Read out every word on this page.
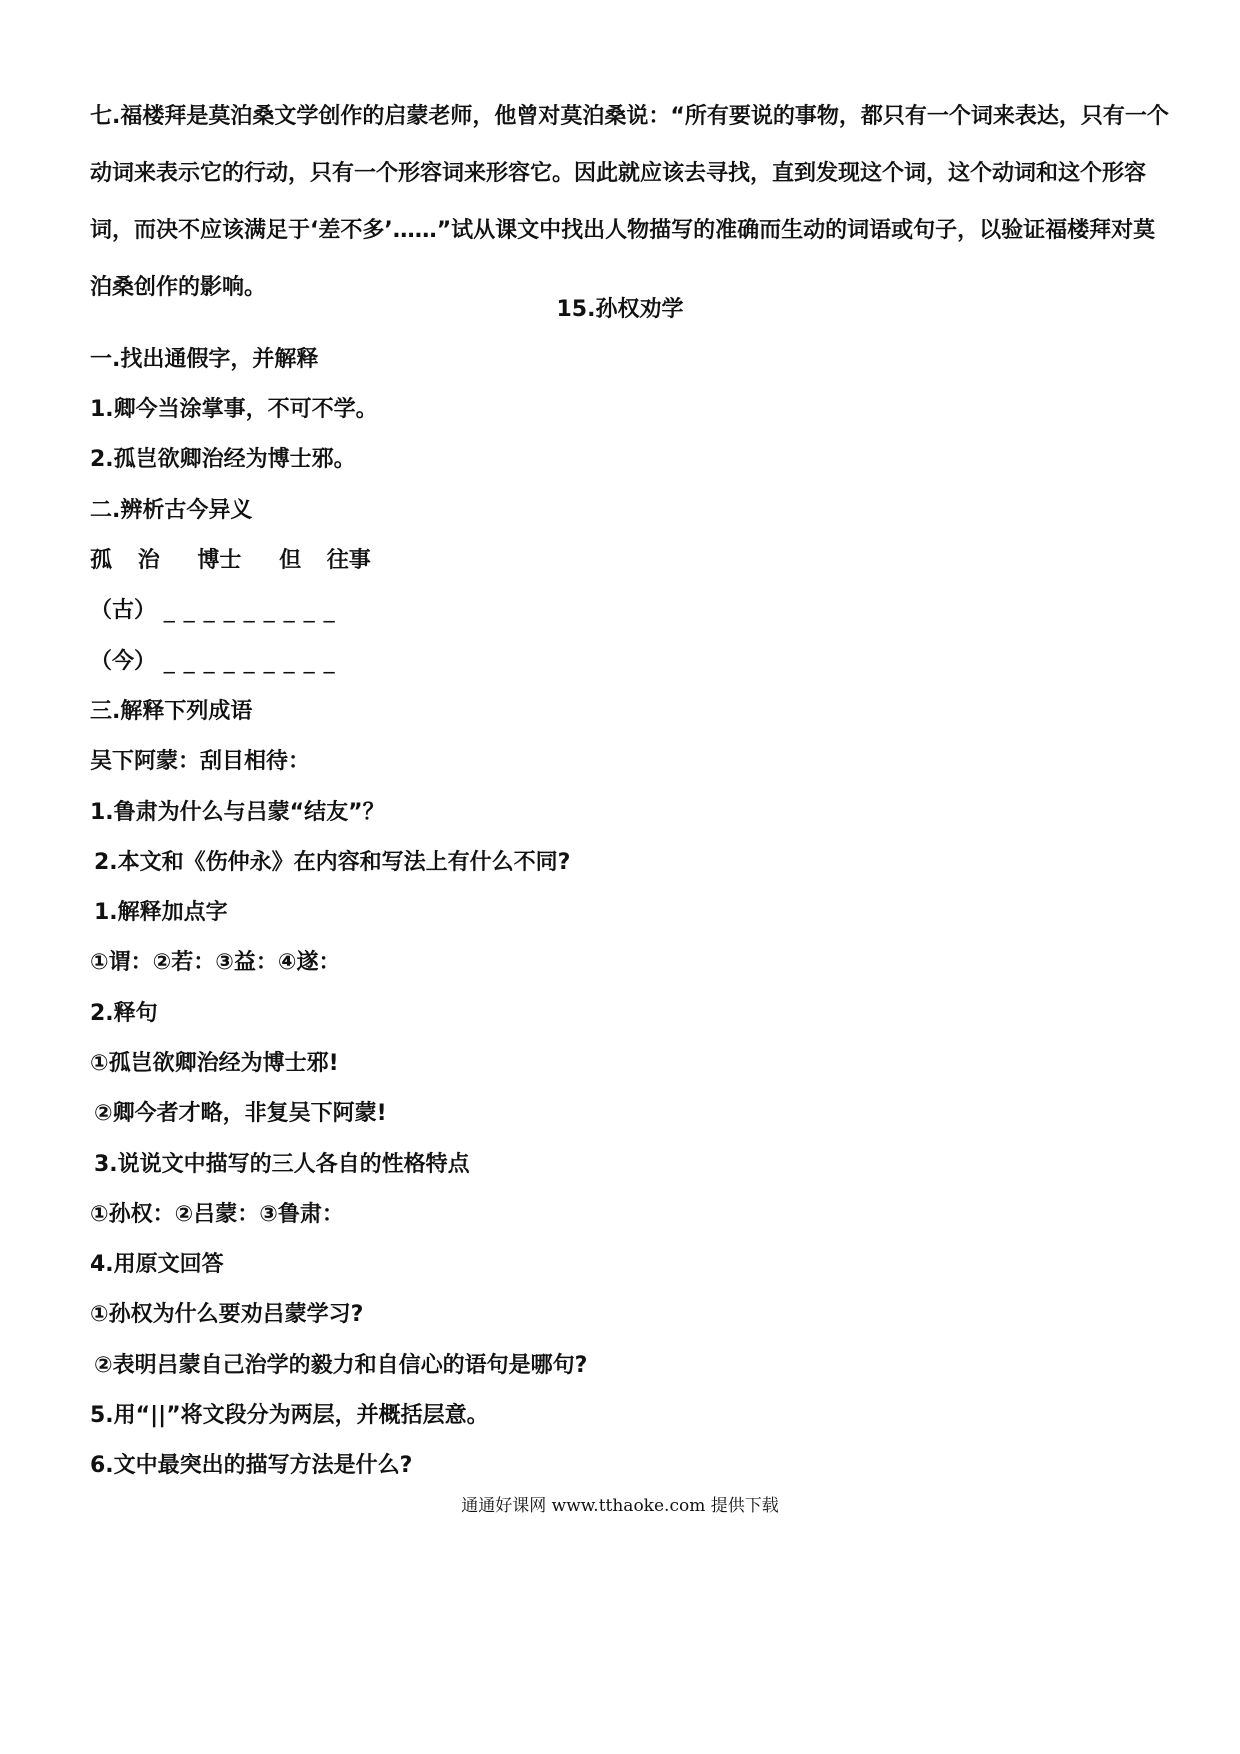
七.福楼拜是莫泊桑文学创作的启蒙老师，他曾对莫泊桑说：“所有要说的事物，都只有一个词来表达，只有一个动词来表示它的行动，只有一个形容词来形容它。因此就应该去寻找，直到发现这个词，这个动词和这个形容词，而决不应该满足于‘差不多’……”试从课文中找出人物描写的准确而生动的词语或句子，以验证福楼拜对莫泊桑创作的影响。
15.孙权劝学
一.找出通假字，并解释
1.卿今当涂掌事，不可不学。
2.孤岂欲卿治经为博士邪。
二.辨析古今异义
孤 治 博士 但 往事
（古） _ _ _ _ _ _ _ _ _
（今） _ _ _ _ _ _ _ _ _
三.解释下列成语
吴下阿蒙：刮目相待：
1.鲁肃为什么与吕蒙“结友”？
2.本文和《伤仲永》在内容和写法上有什么不同?
1.解释加点字
①谓：②若：③益：④遂：
2.释句
①孤岂欲卿治经为博士邪!
②卿今者才略，非复吴下阿蒙!
3.说说文中描写的三人各自的性格特点
①孙权：②吕蒙：③鲁肃：
4.用原文回答
①孙权为什么要劝吕蒙学习?
②表明吕蒙自己治学的毅力和自信心的语句是哪句?
5.用“||”将文段分为两层，并概括层意。
6.文中最突出的描写方法是什么?
通通好课网 www.tthaoke.com 提供下载
